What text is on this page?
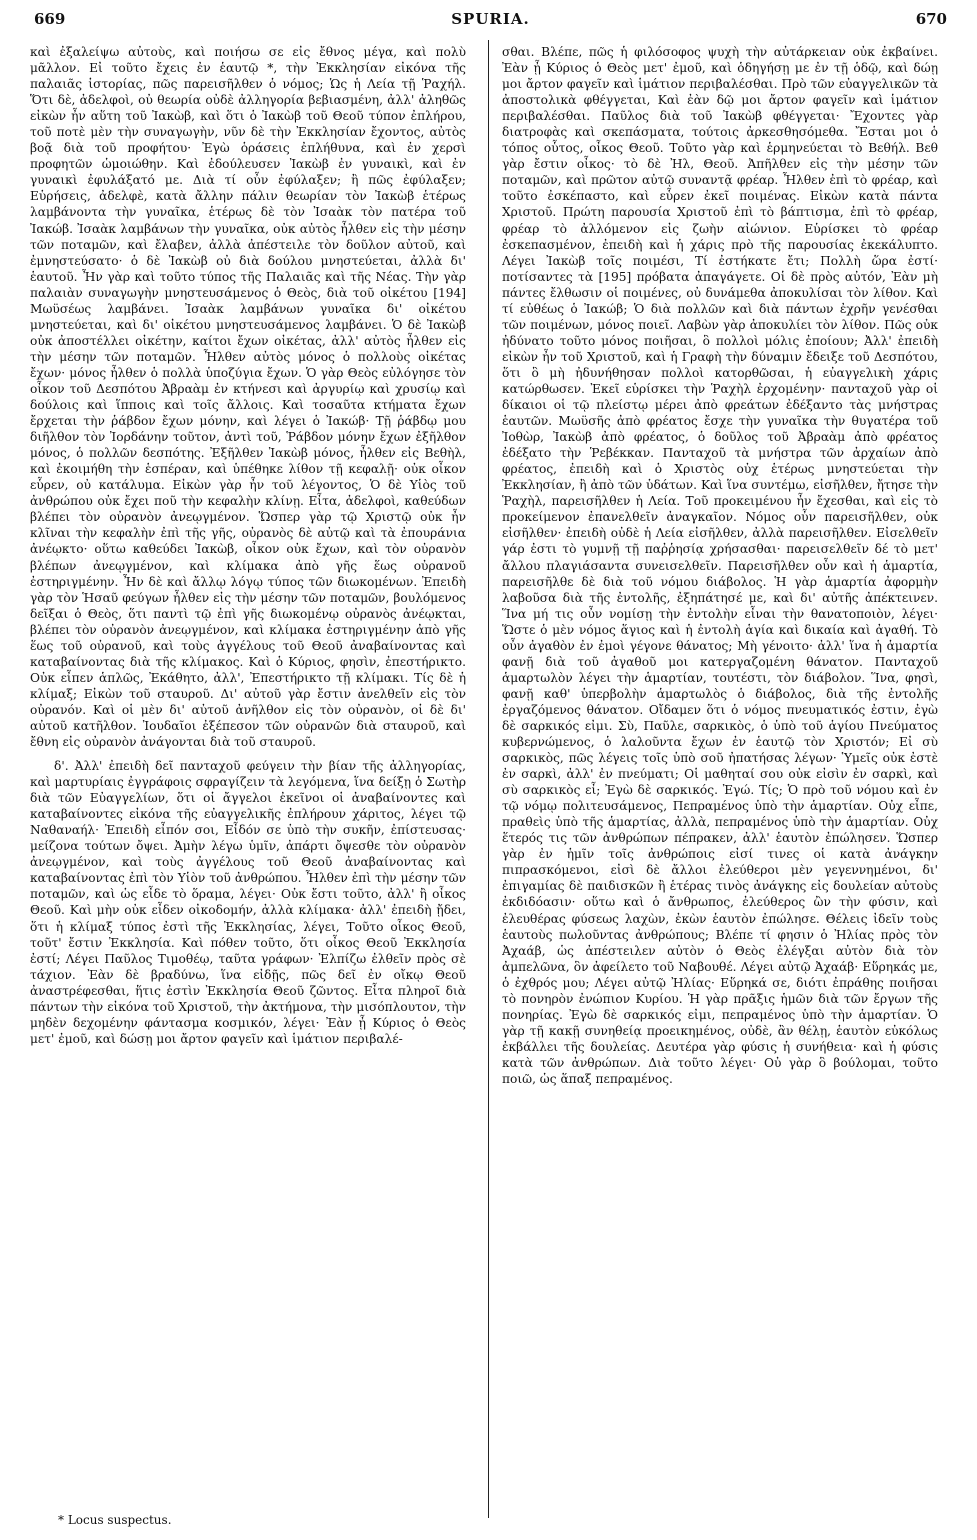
669	SPURIA.	670

καὶ ἐξαλείψω αὐτοὺς, καὶ ποιήσω σε εἰς ἔθνος μέγα, καὶ πολὺ μᾶλλον. Εἰ τοῦτο ἔχεις ἐν ἑαυτῷ *, τὴν Ἐκκλησίαν εἰκόνα τῆς παλαιᾶς ἱστορίας, πῶς παρεισῆλθεν ὁ νόμος; Ὡς ἡ Λεία τῇ Ῥαχήλ. Ὅτι δὲ, ἀδελφοὶ, οὐ θεωρία οὐδὲ ἀλληγορία βεβιασμένη, ἀλλ' ἀληθῶς εἰκὼν ἦν αὕτη τοῦ Ἰακὼβ, καὶ ὅτι ὁ Ἰακὼβ τοῦ Θεοῦ τύπον ἐπλήρου, τοῦ ποτὲ μὲν τὴν συναγωγὴν, νῦν δὲ τὴν Ἐκκλησίαν ἔχοντος, αὐτὸς βοᾷ διὰ τοῦ προφήτου· Ἐγὼ ὁράσεις ἐπλήθυνα, καὶ ἐν χερσὶ προφητῶν ὡμοιώθην. Καὶ ἐδούλευσεν Ἰακὼβ ἐν γυναικὶ, καὶ ἐν γυναικὶ ἐφυλάξατό με. Διὰ τί οὖν ἐφύλαξεν; ἢ πῶς ἐφύλαξεν; Εὑρήσεις, ἀδελφὲ, κατὰ ἄλλην πάλιν θεωρίαν τὸν Ἰακὼβ ἑτέρως λαμβάνοντα τὴν γυναῖκα, ἑτέρως δὲ τὸν Ἰσαὰκ τὸν πατέρα τοῦ Ἰακώβ. Ἰσαὰκ λαμβάνων τὴν γυναῖκα, οὐκ αὐτὸς ἦλθεν εἰς τὴν μέσην τῶν ποταμῶν, καὶ ἔλαβεν, ἀλλὰ ἀπέστειλε τὸν δοῦλον αὐτοῦ, καὶ ἐμνηστεύσατο· ὁ δὲ Ἰακὼβ οὐ διὰ δούλου μνηστεύεται, ἀλλὰ δι' ἑαυτοῦ. Ἦν γὰρ καὶ τοῦτο τύπος τῆς Παλαιᾶς καὶ τῆς Νέας. Τὴν γὰρ παλαιὰν συναγωγὴν μνηστευσάμενος ὁ Θεὸς, διὰ τοῦ οἰκέτου [194] Μωϋσέως λαμβάνει. Ἰσαὰκ λαμβάνων γυναῖκα δι' οἰκέτου μνηστεύεται, καὶ δι' οἰκέτου μνηστευσάμενος λαμβάνει. Ὁ δὲ Ἰακὼβ οὐκ ἀποστέλλει οἰκέτην, καίτοι ἔχων οἰκέτας, ἀλλ' αὐτὸς ἦλθεν εἰς τὴν μέσην τῶν ποταμῶν. Ἦλθεν αὐτὸς μόνος ὁ πολλοὺς οἰκέτας ἔχων· μόνος ἦλθεν ὁ πολλὰ ὑποζύγια ἔχων. Ὁ γὰρ Θεὸς εὐλόγησε τὸν οἶκον τοῦ Δεσπότου Ἀβραὰμ ἐν κτήνεσι καὶ ἀργυρίῳ καὶ χρυσίῳ καὶ δούλοις καὶ ἵπποις καὶ τοῖς ἄλλοις. Καὶ τοσαῦτα κτήματα ἔχων ἔρχεται τὴν ῥάβδον ἔχων μόνην, καὶ λέγει ὁ Ἰακώβ· Τῇ ῥάβδῳ μου διῆλθον τὸν Ἰορδάνην τοῦτον, ἀντὶ τοῦ, Ῥάβδον μόνην ἔχων ἐξῆλθον μόνος, ὁ πολλῶν δεσπότης. Ἐξῆλθεν Ἰακὼβ μόνος, ἦλθεν εἰς Βεθὴλ, καὶ ἐκοιμήθη τὴν ἑσπέραν, καὶ ὑπέθηκε λίθον τῇ κεφαλῇ· οὐκ οἶκον εὗρεν, οὐ κατάλυμα. Εἰκὼν γὰρ ἦν τοῦ λέγοντος, Ὁ δὲ Υἱὸς τοῦ ἀνθρώπου οὐκ ἔχει ποῦ τὴν κεφαλὴν κλίνῃ. Εἶτα, ἀδελφοὶ, καθεύδων βλέπει τὸν οὐρανὸν ἀνεῳγμένον. Ὥσπερ γὰρ τῷ Χριστῷ οὐκ ἦν κλῖναι τὴν κεφαλὴν ἐπὶ τῆς γῆς, οὐρανὸς δὲ αὐτῷ καὶ τὰ ἐπουράνια ἀνέῳκτο· οὕτω καθεύδει Ἰακὼβ, οἶκον οὐκ ἔχων, καὶ τὸν οὐρανὸν βλέπων ἀνεῳγμένον, καὶ κλίμακα ἀπὸ γῆς ἕως οὐρανοῦ ἐστηριγμένην. Ἦν δὲ καὶ ἄλλῳ λόγῳ τύπος τῶν διωκομένων. Ἐπειδὴ γὰρ τὸν Ἡσαῦ φεύγων ἦλθεν εἰς τὴν μέσην τῶν ποταμῶν, βουλόμενος δεῖξαι ὁ Θεὸς, ὅτι παντὶ τῷ ἐπὶ γῆς διωκομένῳ οὐρανὸς ἀνέῳκται, βλέπει τὸν οὐρανὸν ἀνεῳγμένον, καὶ κλίμακα ἐστηριγμένην ἀπὸ γῆς ἕως τοῦ οὐρανοῦ, καὶ τοὺς ἀγγέλους τοῦ Θεοῦ ἀναβαίνοντας καὶ καταβαίνοντας διὰ τῆς κλίμακος. Καὶ ὁ Κύριος, φησὶν, ἐπεστήρικτο. Οὐκ εἶπεν ἁπλῶς, Ἐκάθητο, ἀλλ', Ἐπεστήρικτο τῇ κλίμακι. Τίς δὲ ἡ κλίμαξ; Εἰκὼν τοῦ σταυροῦ. Δι' αὐτοῦ γὰρ ἔστιν ἀνελθεῖν εἰς τὸν οὐρανόν. Καὶ οἱ μὲν δι' αὐτοῦ ἀνῆλθον εἰς τὸν οὐρανὸν, οἱ δὲ δι' αὐτοῦ κατῆλθον. Ἰουδαῖοι ἐξέπεσον τῶν οὐρανῶν διὰ σταυροῦ, καὶ ἔθνη εἰς οὐρανὸν ἀνάγονται διὰ τοῦ σταυροῦ.

δ'. Ἀλλ' ἐπειδὴ δεῖ πανταχοῦ φεύγειν τὴν βίαν τῆς ἀλληγορίας, καὶ μαρτυρίαις ἐγγράφοις σφραγίζειν τὰ λεγόμενα, ἵνα δείξῃ ὁ Σωτὴρ διὰ τῶν Εὐαγγελίων, ὅτι οἱ ἄγγελοι ἐκεῖνοι οἱ ἀναβαίνοντες καὶ καταβαίνοντες εἰκόνα τῆς εὐαγγελικῆς ἐπλήρουν χάριτος, λέγει τῷ Ναθαναήλ· Ἐπειδὴ εἶπόν σοι, Εἶδόν σε ὑπὸ τὴν συκῆν, ἐπίστευσας· μείζονα τούτων ὄψει. Ἀμὴν λέγω ὑμῖν, ἀπάρτι ὄψεσθε τὸν οὐρανὸν ἀνεῳγμένον, καὶ τοὺς ἀγγέλους τοῦ Θεοῦ ἀναβαίνοντας καὶ καταβαίνοντας ἐπὶ τὸν Υἱὸν τοῦ ἀνθρώπου. Ἦλθεν ἐπὶ τὴν μέσην τῶν ποταμῶν, καὶ ὡς εἶδε τὸ ὅραμα, λέγει· Οὐκ ἔστι τοῦτο, ἀλλ' ἢ οἶκος Θεοῦ. Καὶ μὴν οὐκ εἶδεν οἰκοδομήν, ἀλλὰ κλίμακα· ἀλλ' ἐπειδὴ ᾔδει, ὅτι ἡ κλίμαξ τύπος ἐστὶ τῆς Ἐκκλησίας, λέγει, Τοῦτο οἶκος Θεοῦ, τοῦτ' ἔστιν Ἐκκλησία. Καὶ πόθεν τοῦτο, ὅτι οἶκος Θεοῦ Ἐκκλησία ἐστί; Λέγει Παῦλος Τιμοθέῳ, ταῦτα γράφων· Ἐλπίζω ἐλθεῖν πρὸς σὲ τάχιον. Ἐὰν δὲ βραδύνω, ἵνα εἰδῇς, πῶς δεῖ ἐν οἴκῳ Θεοῦ ἀναστρέφεσθαι, ἥτις ἐστὶν Ἐκκλησία Θεοῦ ζῶντος. Εἶτα πληροῖ διὰ πάντων τὴν εἰκόνα τοῦ Χριστοῦ, τὴν ἀκτήμονα, τὴν μισόπλουτον, τὴν μηδὲν δεχομένην φάντασμα κοσμικόν, λέγει· Ἐὰν ᾖ Κύριος ὁ Θεὸς μετ' ἐμοῦ, καὶ δώσῃ μοι ἄρτον φαγεῖν καὶ ἱμάτιον περιβαλέ-

σθαι. Βλέπε, πῶς ἡ φιλόσοφος ψυχὴ τὴν αὐτάρκειαν οὐκ ἐκβαίνει. Ἐὰν ᾖ Κύριος ὁ Θεὸς μετ' ἐμοῦ, καὶ ὁδηγήσῃ με ἐν τῇ ὁδῷ, καὶ δώῃ μοι ἄρτον φαγεῖν καὶ ἱμάτιον περιβαλέσθαι. Πρὸ τῶν εὐαγγελικῶν τὰ ἀποστολικὰ φθέγγεται, Καὶ ἐὰν δῷ μοι ἄρτον φαγεῖν καὶ ἱμάτιον περιβαλέσθαι. Παῦλος διὰ τοῦ Ἰακὼβ φθέγγεται· Ἔχοντες γὰρ διατροφὰς καὶ σκεπάσματα, τούτοις ἀρκεσθησόμεθα. Ἔσται μοι ὁ τόπος οὗτος, οἶκος Θεοῦ. Τοῦτο γὰρ καὶ ἑρμηνεύεται τὸ Βεθήλ. Βεθ γὰρ ἔστιν οἶκος· τὸ δὲ Ἠλ, Θεοῦ. Ἀπῆλθεν εἰς τὴν μέσην τῶν ποταμῶν, καὶ πρῶτον αὐτῷ συναντᾷ φρέαρ. Ἦλθεν ἐπὶ τὸ φρέαρ, καὶ τοῦτο ἐσκέπαστο, καὶ εὗρεν ἐκεῖ ποιμένας. Εἰκὼν κατὰ πάντα Χριστοῦ. Πρώτη παρουσία Χριστοῦ ἐπὶ τὸ βάπτισμα, ἐπὶ τὸ φρέαρ, φρέαρ τὸ ἀλλόμενον εἰς ζωὴν αἰώνιον. Εὑρίσκει τὸ φρέαρ ἐσκεπασμένον, ἐπειδὴ καὶ ἡ χάρις πρὸ τῆς παρουσίας ἐκεκάλυπτο. Λέγει Ἰακὼβ τοῖς ποιμέσι, Τί ἐστήκατε ἔτι; Πολλὴ ὥρα ἐστί· ποτίσαντες τὰ [195] πρόβατα ἀπαγάγετε. Οἱ δὲ πρὸς αὐτόν, Ἐὰν μὴ πάντες ἔλθωσιν οἱ ποιμένες, οὐ δυνάμεθα ἀποκυλίσαι τὸν λίθον. Καὶ τί εὐθέως ὁ Ἰακώβ; Ὁ διὰ πολλῶν καὶ διὰ πάντων ἐχρῆν γενέσθαι τῶν ποιμένων, μόνος ποιεῖ. Λαβὼν γὰρ ἀποκυλίει τὸν λίθον. Πῶς οὐκ ἠδύνατο τοῦτο μόνος ποιῆσαι, ὃ πολλοὶ μόλις ἐποίουν; Ἀλλ' ἐπειδὴ εἰκὼν ἦν τοῦ Χριστοῦ, καὶ ἡ Γραφὴ τὴν δύναμιν ἔδειξε τοῦ Δεσπότου, ὅτι ὃ μὴ ἠδυνήθησαν πολλοὶ κατορθῶσαι, ἡ εὐαγγελικὴ χάρις κατώρθωσεν. Ἐκεῖ εὑρίσκει τὴν Ῥαχὴλ ἐρχομένην· πανταχοῦ γὰρ οἱ δίκαιοι οἱ τῷ πλείστῳ μέρει ἀπὸ φρεάτων ἐδέξαντο τὰς μνήστρας ἑαυτῶν. Μωϋσῆς ἀπὸ φρέατος ἔσχε τὴν γυναῖκα τὴν θυγατέρα τοῦ Ἰοθὼρ, Ἰακὼβ ἀπὸ φρέατος, ὁ δοῦλος τοῦ Ἀβραὰμ ἀπὸ φρέατος ἐδέξατο τὴν Ῥεβέκκαν. Πανταχοῦ τὰ μνήστρα τῶν ἀρχαίων ἀπὸ φρέατος, ἐπειδὴ καὶ ὁ Χριστὸς οὐχ ἑτέρως μνηστεύεται τὴν Ἐκκλησίαν, ἢ ἀπὸ τῶν ὑδάτων. Καὶ ἵνα συντέμω, εἰσῆλθεν, ἤτησε τὴν Ῥαχὴλ, παρεισῆλθεν ἡ Λεία. Τοῦ προκειμένου ἦν ἔχεσθαι, καὶ εἰς τὸ προκείμενον ἐπανελθεῖν ἀναγκαῖον. Νόμος οὖν παρεισῆλθεν, οὐκ εἰσῆλθεν· ἐπειδὴ οὐδὲ ἡ Λεία εἰσῆλθεν, ἀλλὰ παρεισῆλθεν. Εἰσελθεῖν γάρ ἐστι τὸ γυμνῇ τῇ παῤῥησίᾳ χρήσασθαι· παρεισελθεῖν δέ τὸ μετ' ἄλλου πλαγιάσαντα συνεισελθεῖν. Παρεισῆλθεν οὖν καὶ ἡ ἁμαρτία, παρεισῆλθε δὲ διὰ τοῦ νόμου διάβολος. Ἡ γὰρ ἁμαρτία ἀφορμὴν λαβοῦσα διὰ τῆς ἐντολῆς, ἐξηπάτησέ με, καὶ δι' αὐτῆς ἀπέκτεινεν. Ἵνα μή τις οὖν νομίσῃ τὴν ἐντολὴν εἶναι τὴν θανατοποιὸν, λέγει· Ὥστε ὁ μὲν νόμος ἅγιος καὶ ἡ ἐντολὴ ἁγία καὶ δικαία καὶ ἀγαθή. Τὸ οὖν ἀγαθὸν ἐν ἐμοὶ γέγονε θάνατος; Μὴ γένοιτο· ἀλλ' ἵνα ἡ ἁμαρτία φανῇ διὰ τοῦ ἀγαθοῦ μοι κατεργαζομένη θάνατον. Πανταχοῦ ἁμαρτωλὸν λέγει τὴν ἁμαρτίαν, τουτέστι, τὸν διάβολον. Ἵνα, φησὶ, φανῇ καθ' ὑπερβολὴν ἁμαρτωλὸς ὁ διάβολος, διὰ τῆς ἐντολῆς ἐργαζόμενος θάνατον. Οἴδαμεν ὅτι ὁ νόμος πνευματικός ἐστιν, ἐγὼ δὲ σαρκικός εἰμι. Σὺ, Παῦλε, σαρκικὸς, ὁ ὑπὸ τοῦ ἁγίου Πνεύματος κυβερνώμενος, ὁ λαλοῦντα ἔχων ἐν ἑαυτῷ τὸν Χριστόν; Εἰ σὺ σαρκικὸς, πῶς λέγεις τοῖς ὑπὸ σοῦ ἠπατήσας λέγων· Ὑμεῖς οὐκ ἐστὲ ἐν σαρκὶ, ἀλλ' ἐν πνεύματι; Οἱ μαθηταί σου οὐκ εἰσὶν ἐν σαρκὶ, καὶ σὺ σαρκικὸς εἶ; Ἐγὼ δὲ σαρκικός. Ἐγώ. Τίς; Ὁ πρὸ τοῦ νόμου καὶ ἐν τῷ νόμῳ πολιτευσάμενος, Πεπραμένος ὑπὸ τὴν ἁμαρτίαν. Οὐχ εἶπε, πραθεὶς ὑπὸ τῆς ἁμαρτίας, ἀλλὰ, πεπραμένος ὑπὸ τὴν ἁμαρτίαν. Οὐχ ἕτερός τις τῶν ἀνθρώπων πέπρακεν, ἀλλ' ἑαυτὸν ἐπώλησεν. Ὥσπερ γὰρ ἐν ἡμῖν τοῖς ἀνθρώποις εἰσί τινες οἱ κατὰ ἀνάγκην πιπρασκόμενοι, εἰσὶ δὲ ἄλλοι ἐλεύθεροι μὲν γεγεννημένοι, δι' ἐπιγαμίας δὲ παιδισκῶν ἢ ἑτέρας τινὸς ἀνάγκης εἰς δουλείαν αὐτοὺς ἐκδιδόασιν· οὕτω καὶ ὁ ἄνθρωπος, ἐλεύθερος ὢν τὴν φύσιν, καὶ ἐλευθέρας φύσεως λαχὼν, ἐκὼν ἑαυτὸν ἐπώλησε. Θέλεις ἰδεῖν τοὺς ἑαυτοὺς πωλοῦντας ἀνθρώπους; Βλέπε τί φησιν ὁ Ἠλίας πρὸς τὸν Ἀχαάβ, ὡς ἀπέστειλεν αὐτὸν ὁ Θεὸς ἐλέγξαι αὐτὸν διὰ τὸν ἀμπελῶνα, ὃν ἀφείλετο τοῦ Ναβουθέ. Λέγει αὐτῷ Ἀχαάβ· Εὕρηκάς με, ὁ ἐχθρός μου; Λέγει αὐτῷ Ἠλίας· Εὕρηκά σε, διότι ἐπράθης ποιῆσαι τὸ πονηρὸν ἐνώπιον Κυρίου. Ἡ γὰρ πρᾶξις ἡμῶν διὰ τῶν ἔργων τῆς πονηρίας. Ἐγὼ δὲ σαρκικός εἰμι, πεπραμένος ὑπὸ τὴν ἁμαρτίαν. Ὁ γὰρ τῇ κακῇ συνηθείᾳ προεικημένος, οὐδὲ, ἂν θέλῃ, ἑαυτὸν εὐκόλως ἐκβάλλει τῆς δουλείας. Δευτέρα γὰρ φύσις ἡ συνήθεια· καὶ ἡ φύσις κατὰ τῶν ἀνθρώπων. Διὰ τοῦτο λέγει· Οὐ γὰρ ὃ βούλομαι, τοῦτο ποιῶ, ὡς ἅπαξ πεπραμένος.

* Locus suspectus.
